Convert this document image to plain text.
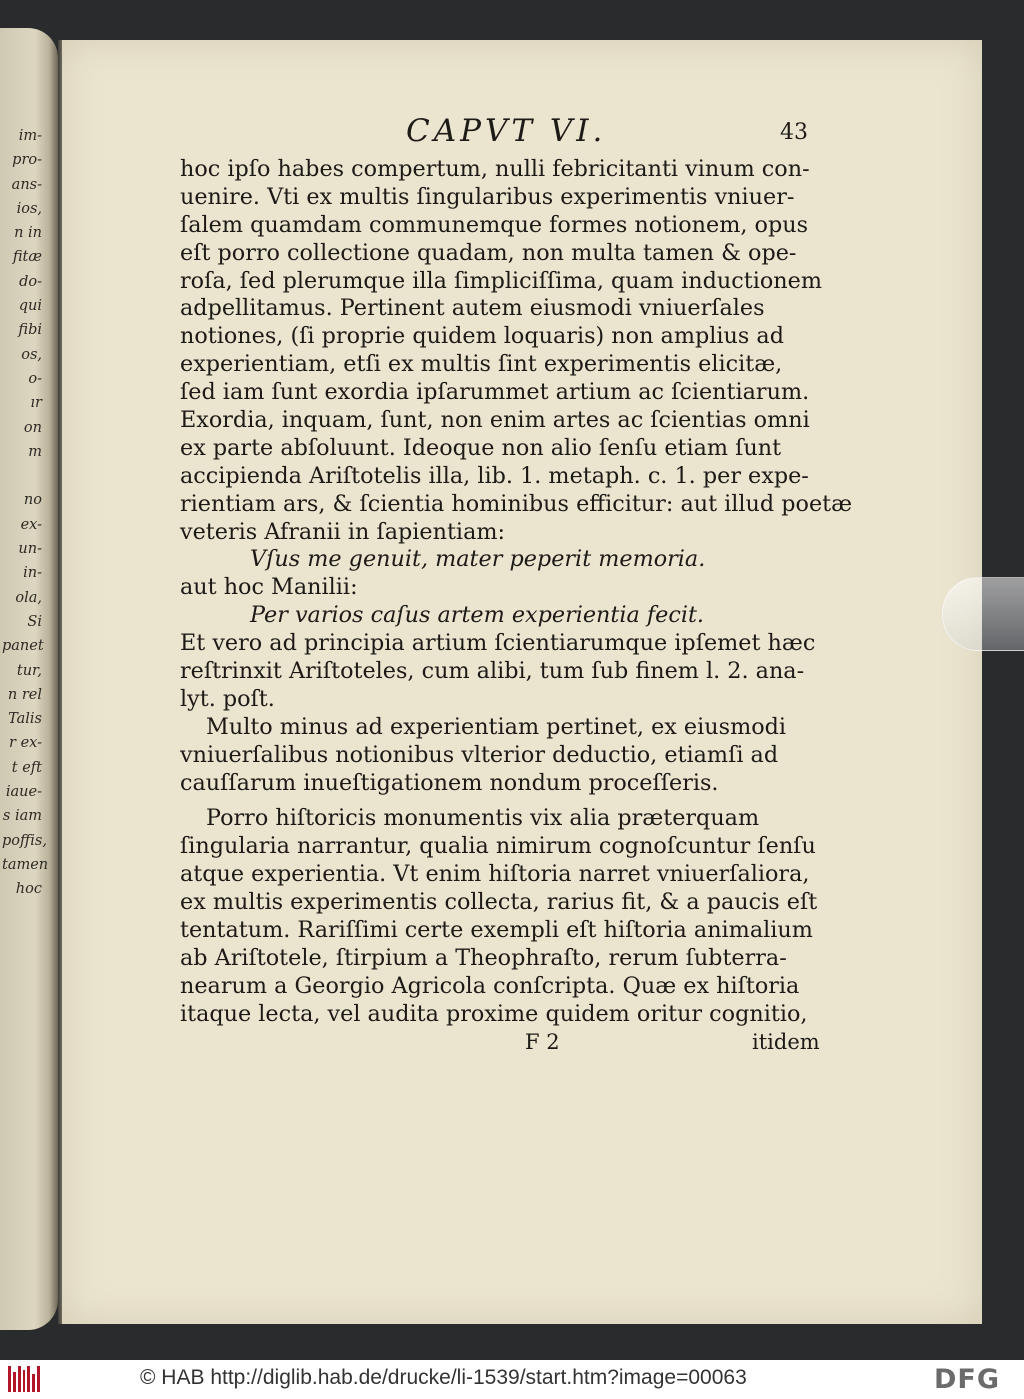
im-
pro-
ans-
ios,
n in
fitæ
do-
qui
fibi
os,
o-
ır
on
m
no
ex-
un-
in-
ola,
Si
panet
tur,
n rel
Talis
r ex-
t eft
iaue-
s iam
poffis,
tamen
hoc
CAPVT VI.	43
hoc ipſo habes compertum, nulli febricitanti vinum con-
uenire. Vti ex multis ſingularibus experimentis vniuer-
ſalem quamdam communemque formes notionem, opus
eſt porro collectione quadam, non multa tamen & ope-
roſa, ſed plerumque illa ſimpliciſſima, quam inductionem
adpellitamus. Pertinent autem eiusmodi vniuerſales
notiones, (ſi proprie quidem loquaris) non amplius ad
experientiam, etſi ex multis ſint experimentis elicitæ,
ſed iam ſunt exordia ipſarummet artium ac ſcientiarum.
Exordia, inquam, ſunt, non enim artes ac ſcientias omni
ex parte abſoluunt. Ideoque non alio ſenſu etiam ſunt
accipienda Ariſtotelis illa, lib. 1. metaph. c. 1. per expe-
rientiam ars, & ſcientia hominibus efficitur: aut illud poetæ
veteris Afranii in ſapientiam:
Vſus me genuit, mater peperit memoria.
aut hoc Manilii:
Per varios caſus artem experientia fecit.
Et vero ad principia artium ſcientiarumque ipſemet hæc
reſtrinxit Ariſtoteles, cum alibi, tum ſub finem l. 2. ana-
lyt. poſt.
Multo minus ad experientiam pertinet, ex eiusmodi
vniuerſalibus notionibus vlterior deductio, etiamſi ad
cauſſarum inueſtigationem nondum proceſſeris.
Porro hiſtoricis monumentis vix alia præterquam
ſingularia narrantur, qualia nimirum cognoſcuntur ſenſu
atque experientia. Vt enim hiſtoria narret vniuerſaliora,
ex multis experimentis collecta, rarius fit, & a paucis eſt
tentatum. Rariſſimi certe exempli eſt hiſtoria animalium
ab Ariſtotele, ſtirpium a Theophraſto, rerum ſubterra-
nearum a Georgio Agricola conſcripta. Quæ ex hiſtoria
itaque lecta, vel audita proxime quidem oritur cognitio,
F 2	itidem
© HAB http://diglib.hab.de/drucke/li-1539/start.htm?image=00063	DFG
